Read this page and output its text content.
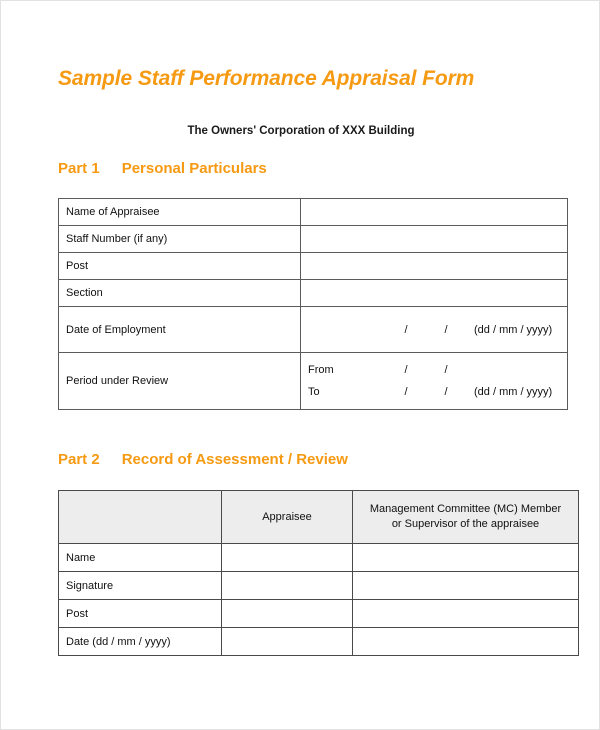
Sample Staff Performance Appraisal Form
The Owners' Corporation of XXX Building
Part 1 Personal Particulars
Name of Appraisee	
Staff Number (if any)	
Post	
Section	
Date of Employment	/ / (dd / mm / yyyy)

Period under Review	
From	/	/
To	/	/	(dd / mm / yyyy)
Part 2 Record of Assessment / Review
	Appraisee	Management Committee (MC) Member
or Supervisor of the appraisee
Name		
Signature		
Post		
Date (dd / mm / yyyy)		
